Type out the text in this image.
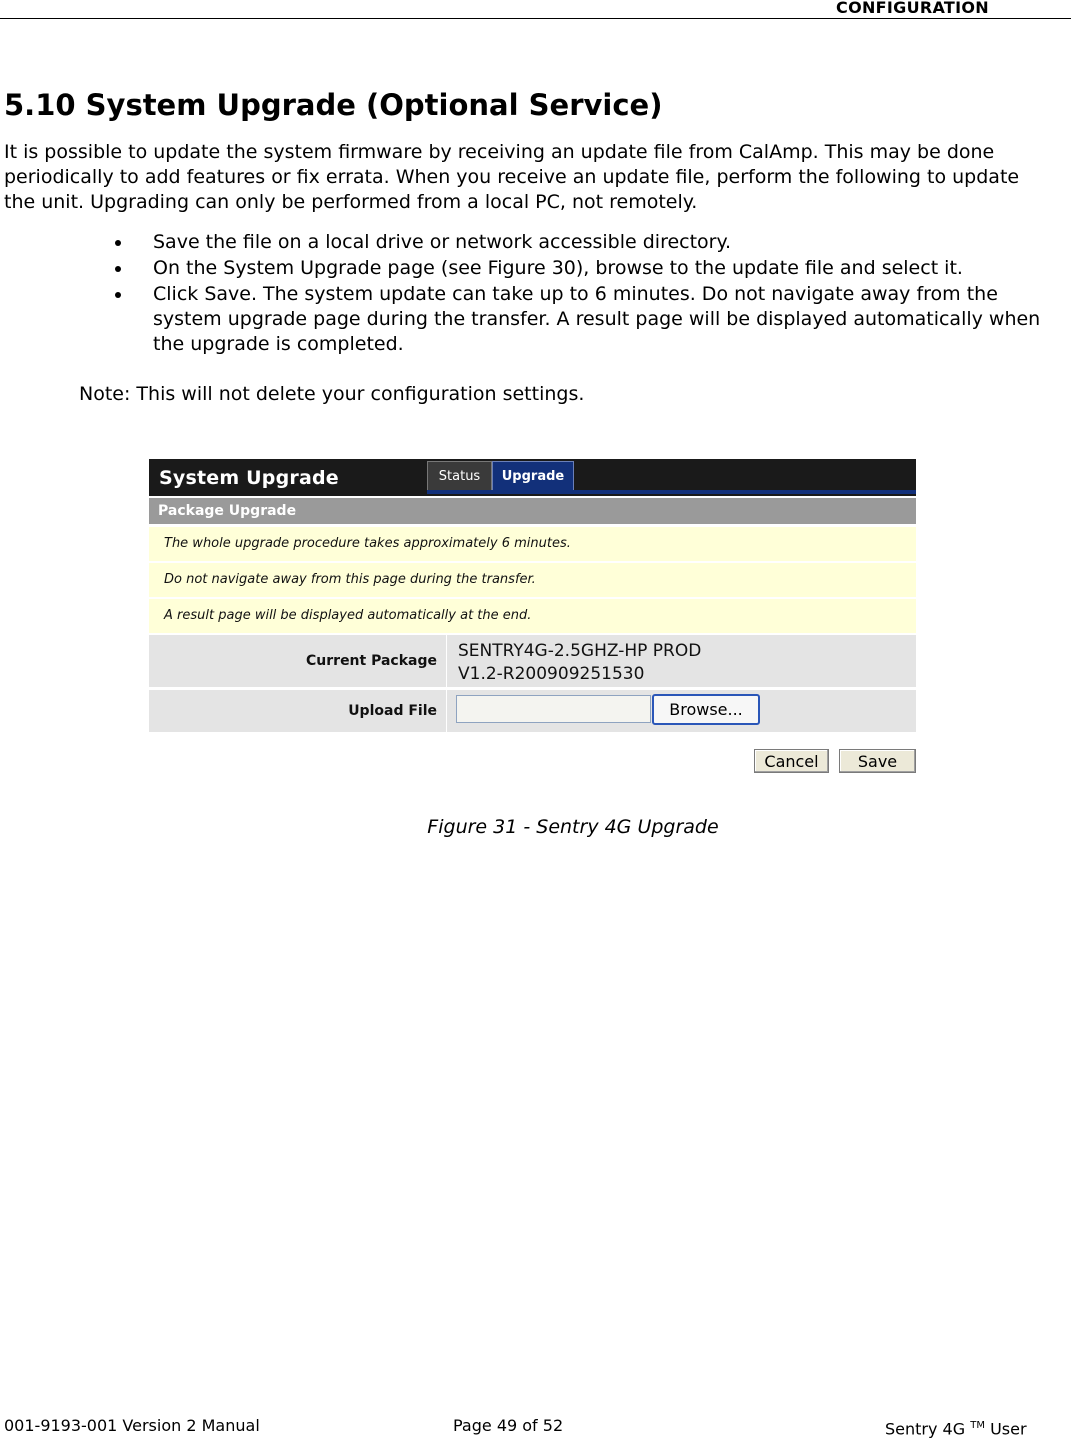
CONFIGURATION
5.10 System Upgrade (Optional Service)

It is possible to update the system firmware by receiving an update file from CalAmp. This may be done periodically to add features or fix errata. When you receive an update file, perform the following to update the unit. Upgrading can only be performed from a local PC, not remotely.

Save the file on a local drive or network accessible directory.
On the System Upgrade page (see Figure 30), browse to the update file and select it.
Click Save. The system update can take up to 6 minutes. Do not navigate away from the system upgrade page during the transfer. A result page will be displayed automatically when the upgrade is completed.

Note: This will not delete your configuration settings.

System Upgrade	Status	Upgrade
Package Upgrade
The whole upgrade procedure takes approximately 6 minutes.
Do not navigate away from this page during the transfer.
A result page will be displayed automatically at the end.
Current Package	SENTRY4G-2.5GHZ-HP PROD
V1.2-R200909251530
Upload File	Browse...
Cancel	Save

Figure 31 - Sentry 4G Upgrade

001-9193-001 Version 2 Manual	Page 49 of 52	Sentry 4G ™ User
